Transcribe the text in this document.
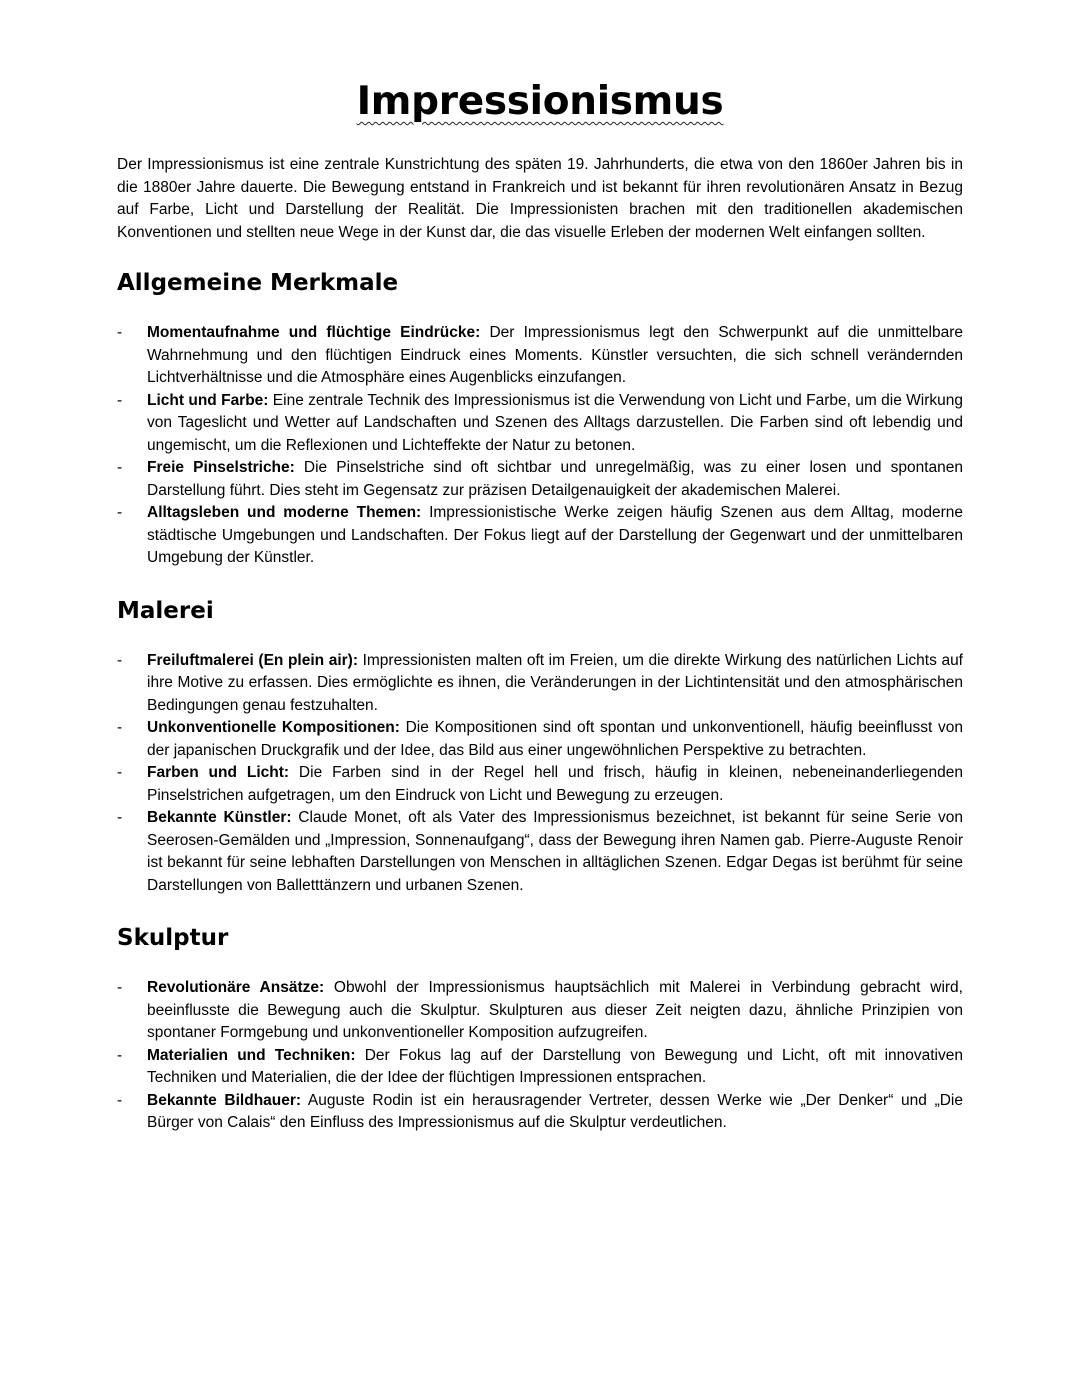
Impressionismus

Der Impressionismus ist eine zentrale Kunstrichtung des späten 19. Jahrhunderts, die etwa von den 1860er Jahren bis in die 1880er Jahre dauerte. Die Bewegung entstand in Frankreich und ist bekannt für ihren revolutionären Ansatz in Bezug auf Farbe, Licht und Darstellung der Realität. Die Impressionisten brachen mit den traditionellen akademischen Konventionen und stellten neue Wege in der Kunst dar, die das visuelle Erleben der modernen Welt einfangen sollten.

Allgemeine Merkmale
- Momentaufnahme und flüchtige Eindrücke: Der Impressionismus legt den Schwerpunkt auf die unmittelbare Wahrnehmung und den flüchtigen Eindruck eines Moments. Künstler versuchten, die sich schnell verändernden Lichtverhältnisse und die Atmosphäre eines Augenblicks einzufangen.
- Licht und Farbe: Eine zentrale Technik des Impressionismus ist die Verwendung von Licht und Farbe, um die Wirkung von Tageslicht und Wetter auf Landschaften und Szenen des Alltags darzustellen. Die Farben sind oft lebendig und ungemischt, um die Reflexionen und Lichteffekte der Natur zu betonen.
- Freie Pinselstriche: Die Pinselstriche sind oft sichtbar und unregelmäßig, was zu einer losen und spontanen Darstellung führt. Dies steht im Gegensatz zur präzisen Detailgenauigkeit der akademischen Malerei.
- Alltagsleben und moderne Themen: Impressionistische Werke zeigen häufig Szenen aus dem Alltag, moderne städtische Umgebungen und Landschaften. Der Fokus liegt auf der Darstellung der Gegenwart und der unmittelbaren Umgebung der Künstler.
Malerei
- Freiluftmalerei (En plein air): Impressionisten malten oft im Freien, um die direkte Wirkung des natürlichen Lichts auf ihre Motive zu erfassen. Dies ermöglichte es ihnen, die Veränderungen in der Lichtintensität und den atmosphärischen Bedingungen genau festzuhalten.
- Unkonventionelle Kompositionen: Die Kompositionen sind oft spontan und unkonventionell, häufig beeinflusst von der japanischen Druckgrafik und der Idee, das Bild aus einer ungewöhnlichen Perspektive zu betrachten.
- Farben und Licht: Die Farben sind in der Regel hell und frisch, häufig in kleinen, nebeneinanderliegenden Pinselstrichen aufgetragen, um den Eindruck von Licht und Bewegung zu erzeugen.
- Bekannte Künstler: Claude Monet, oft als Vater des Impressionismus bezeichnet, ist bekannt für seine Serie von Seerosen-Gemälden und „Impression, Sonnenaufgang“, dass der Bewegung ihren Namen gab. Pierre-Auguste Renoir ist bekannt für seine lebhaften Darstellungen von Menschen in alltäglichen Szenen. Edgar Degas ist berühmt für seine Darstellungen von Balletttänzern und urbanen Szenen.
Skulptur
- Revolutionäre Ansätze: Obwohl der Impressionismus hauptsächlich mit Malerei in Verbindung gebracht wird, beeinflusste die Bewegung auch die Skulptur. Skulpturen aus dieser Zeit neigten dazu, ähnliche Prinzipien von spontaner Formgebung und unkonventioneller Komposition aufzugreifen.
- Materialien und Techniken: Der Fokus lag auf der Darstellung von Bewegung und Licht, oft mit innovativen Techniken und Materialien, die der Idee der flüchtigen Impressionen entsprachen.
- Bekannte Bildhauer: Auguste Rodin ist ein herausragender Vertreter, dessen Werke wie „Der Denker“ und „Die Bürger von Calais“ den Einfluss des Impressionismus auf die Skulptur verdeutlichen.
